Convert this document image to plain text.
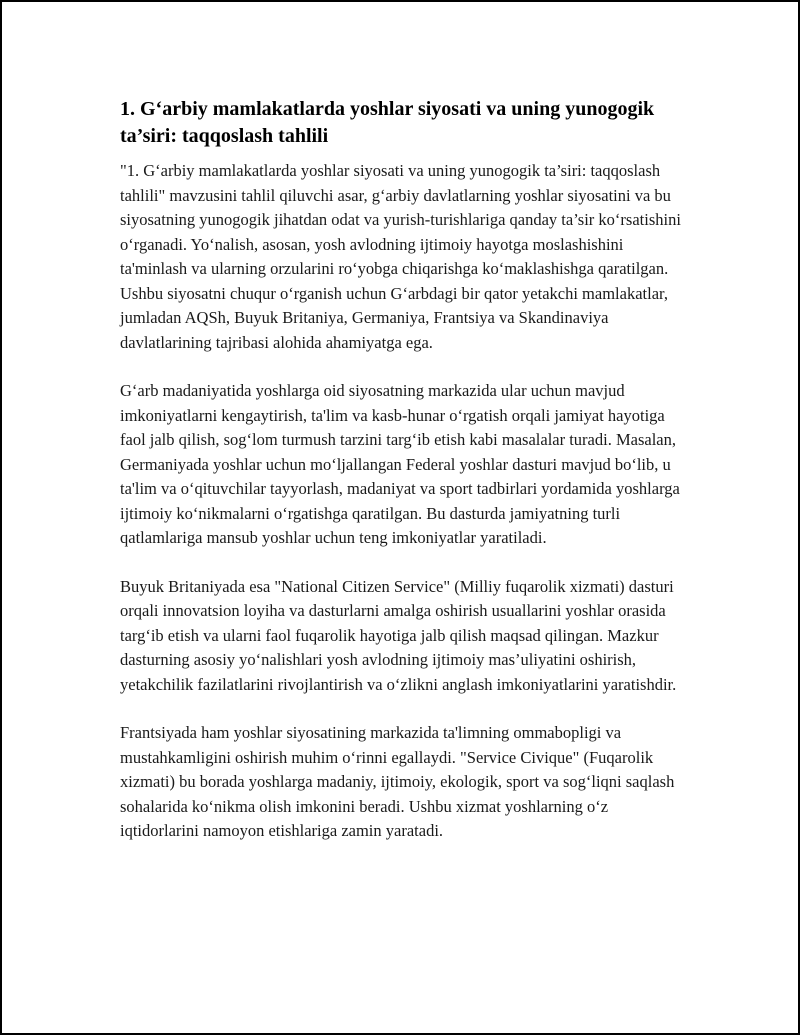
1. G‘arbiy mamlakatlarda yoshlar siyosati va uning yunogogik ta’siri: taqqoslash tahlili

"1. G‘arbiy mamlakatlarda yoshlar siyosati va uning yunogogik ta’siri: taqqoslash tahlili" mavzusini tahlil qiluvchi asar, g‘arbiy davlatlarning yoshlar siyosatini va bu siyosatning yunogogik jihatdan odat va yurish-turishlariga qanday ta’sir ko‘rsatishini o‘rganadi. Yo‘nalish, asosan, yosh avlodning ijtimoiy hayotga moslashishini ta'minlash va ularning orzularini ro‘yobga chiqarishga ko‘maklashishga qaratilgan. Ushbu siyosatni chuqur o‘rganish uchun G‘arbdagi bir qator yetakchi mamlakatlar, jumladan AQSh, Buyuk Britaniya, Germaniya, Frantsiya va Skandinaviya davlatlarining tajribasi alohida ahamiyatga ega.

G‘arb madaniyatida yoshlarga oid siyosatning markazida ular uchun mavjud imkoniyatlarni kengaytirish, ta'lim va kasb-hunar o‘rgatish orqali jamiyat hayotiga faol jalb qilish, sog‘lom turmush tarzini targ‘ib etish kabi masalalar turadi. Masalan, Germaniyada yoshlar uchun mo‘ljallangan Federal yoshlar dasturi mavjud bo‘lib, u ta'lim va o‘qituvchilar tayyorlash, madaniyat va sport tadbirlari yordamida yoshlarga ijtimoiy ko‘nikmalarni o‘rgatishga qaratilgan. Bu dasturda jamiyatning turli qatlamlariga mansub yoshlar uchun teng imkoniyatlar yaratiladi.

Buyuk Britaniyada esa "National Citizen Service" (Milliy fuqarolik xizmati) dasturi orqali innovatsion loyiha va dasturlarni amalga oshirish usuallarini yoshlar orasida targ‘ib etish va ularni faol fuqarolik hayotiga jalb qilish maqsad qilingan. Mazkur dasturning asosiy yo‘nalishlari yosh avlodning ijtimoiy mas’uliyatini oshirish, yetakchilik fazilatlarini rivojlantirish va o‘zlikni anglash imkoniyatlarini yaratishdir.

Frantsiyada ham yoshlar siyosatining markazida ta'limning ommabopligi va mustahkamligini oshirish muhim o‘rinni egallaydi. "Service Civique" (Fuqarolik xizmati) bu borada yoshlarga madaniy, ijtimoiy, ekologik, sport va sog‘liqni saqlash sohalarida ko‘nikma olish imkonini beradi. Ushbu xizmat yoshlarning o‘z iqtidorlarini namoyon etishlariga zamin yaratadi.
